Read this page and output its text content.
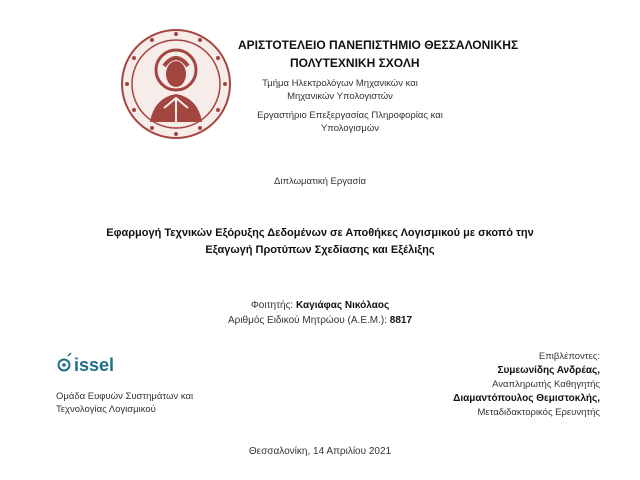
ΑΡΙΣΤΟΤΕΛΕΙΟ ΠΑΝΕΠΙΣΤΗΜΙΟ ΘΕΣΣΑΛΟΝΙΚΗΣ
ΠΟΛΥΤΕΧΝΙΚΗ ΣΧΟΛΗ
Τμήμα Ηλεκτρολόγων Μηχανικών και Μηχανικών Υπολογιστών
Εργαστήριο Επεξεργασίας Πληροφορίας και Υπολογισμών
Διπλωματική Εργασία
Εφαρμογή Τεχνικών Εξόρυξης Δεδομένων σε Αποθήκες Λογισμικού με σκοπό την Εξαγωγή Προτύπων Σχεδίασης και Εξέλιξης
Φοιτητής: Καγιάφας Νικόλαος
Αριθμός Ειδικού Μητρώου (Α.Ε.Μ.): 8817
issel
Ομάδα Ευφυών Συστημάτων και Τεχνολογίας Λογισμικού
Επιβλέποντες:
Συμεωνίδης Ανδρέας,
Αναπληρωτής Καθηγητής
Διαμαντόπουλος Θεμιστοκλής,
Μεταδιδακτορικός Ερευνητής
Θεσσαλονίκη, 14 Απριλίου 2021
